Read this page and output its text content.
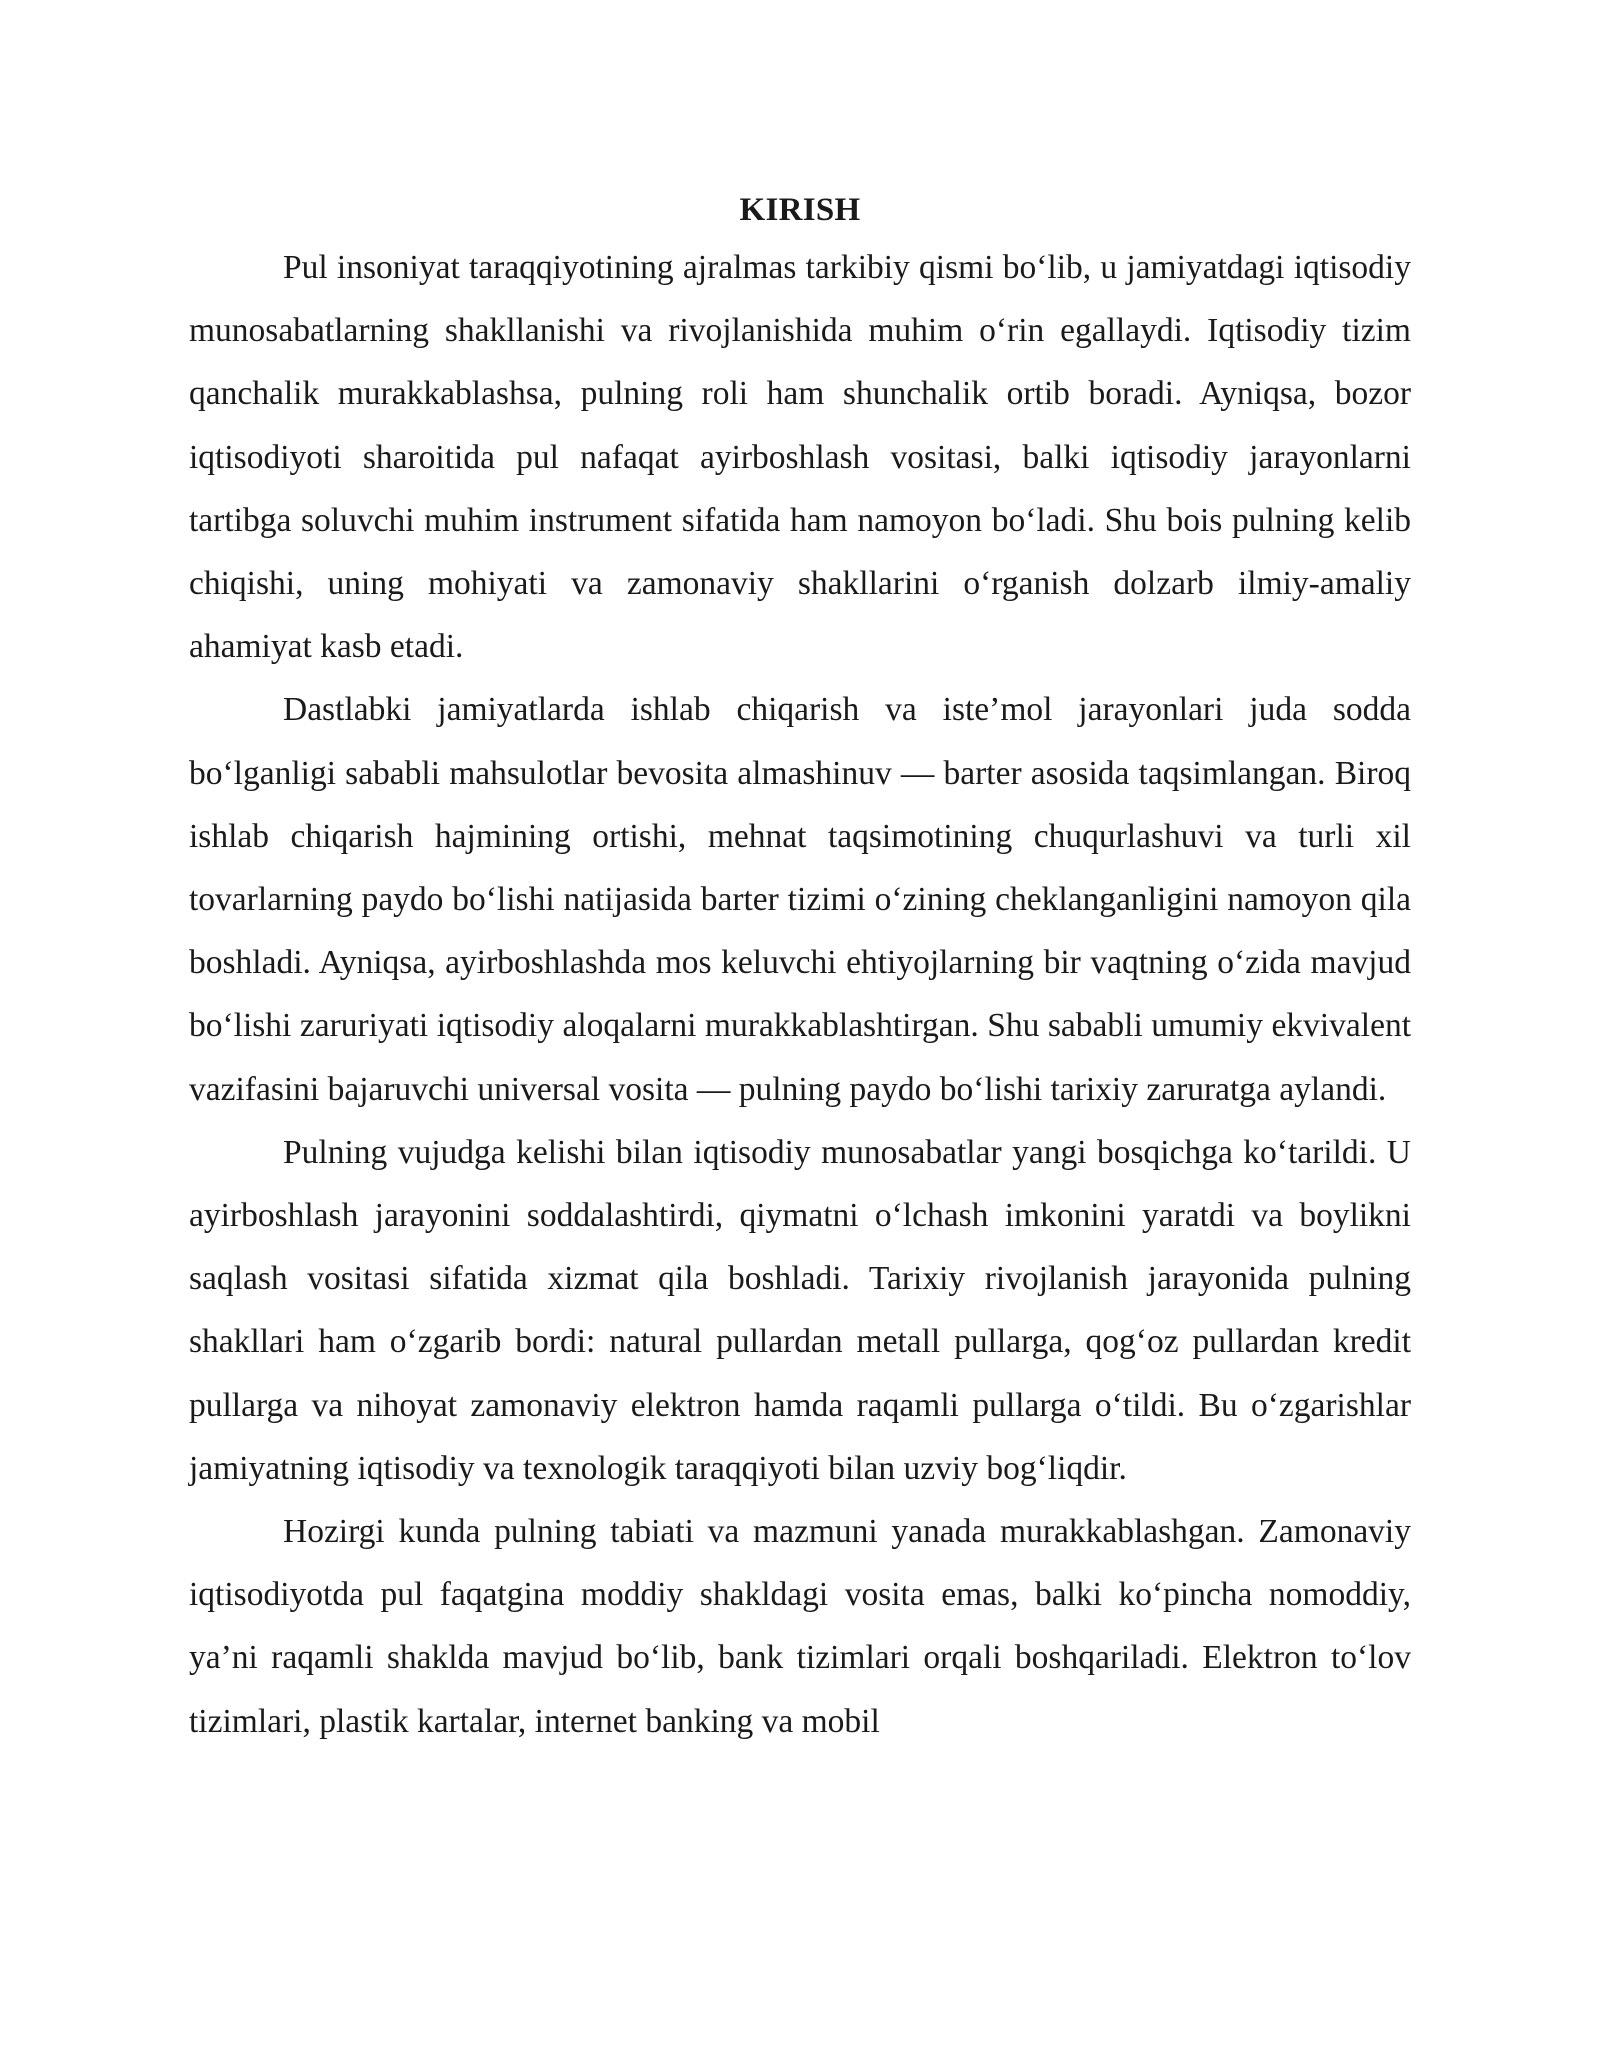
KIRISH

Pul insoniyat taraqqiyotining ajralmas tarkibiy qismi bo‘lib, u jamiyatdagi iqtisodiy munosabatlarning shakllanishi va rivojlanishida muhim o‘rin egallaydi. Iqtisodiy tizim qanchalik murakkablashsa, pulning roli ham shunchalik ortib boradi. Ayniqsa, bozor iqtisodiyoti sharoitida pul nafaqat ayirboshlash vositasi, balki iqtisodiy jarayonlarni tartibga soluvchi muhim instrument sifatida ham namoyon bo‘ladi. Shu bois pulning kelib chiqishi, uning mohiyati va zamonaviy shakllarini o‘rganish dolzarb ilmiy-amaliy ahamiyat kasb etadi.

Dastlabki jamiyatlarda ishlab chiqarish va iste’mol jarayonlari juda sodda bo‘lganligi sababli mahsulotlar bevosita almashinuv — barter asosida taqsimlangan. Biroq ishlab chiqarish hajmining ortishi, mehnat taqsimotining chuqurlashuvi va turli xil tovarlarning paydo bo‘lishi natijasida barter tizimi o‘zining cheklanganligini namoyon qila boshladi. Ayniqsa, ayirboshlashda mos keluvchi ehtiyojlarning bir vaqtning o‘zida mavjud bo‘lishi zaruriyati iqtisodiy aloqalarni murakkablashtirgan. Shu sababli umumiy ekvivalent vazifasini bajaruvchi universal vosita — pulning paydo bo‘lishi tarixiy zaruratga aylandi.

Pulning vujudga kelishi bilan iqtisodiy munosabatlar yangi bosqichga ko‘tarildi. U ayirboshlash jarayonini soddalashtirdi, qiymatni o‘lchash imkonini yaratdi va boylikni saqlash vositasi sifatida xizmat qila boshladi. Tarixiy rivojlanish jarayonida pulning shakllari ham o‘zgarib bordi: natural pullardan metall pullarga, qog‘oz pullardan kredit pullarga va nihoyat zamonaviy elektron hamda raqamli pullarga o‘tildi. Bu o‘zgarishlar jamiyatning iqtisodiy va texnologik taraqqiyoti bilan uzviy bog‘liqdir.

Hozirgi kunda pulning tabiati va mazmuni yanada murakkablashgan. Zamonaviy iqtisodiyotda pul faqatgina moddiy shakldagi vosita emas, balki ko‘pincha nomoddiy, ya’ni raqamli shaklda mavjud bo‘lib, bank tizimlari orqali boshqariladi. Elektron to‘lov tizimlari, plastik kartalar, internet banking va mobil
